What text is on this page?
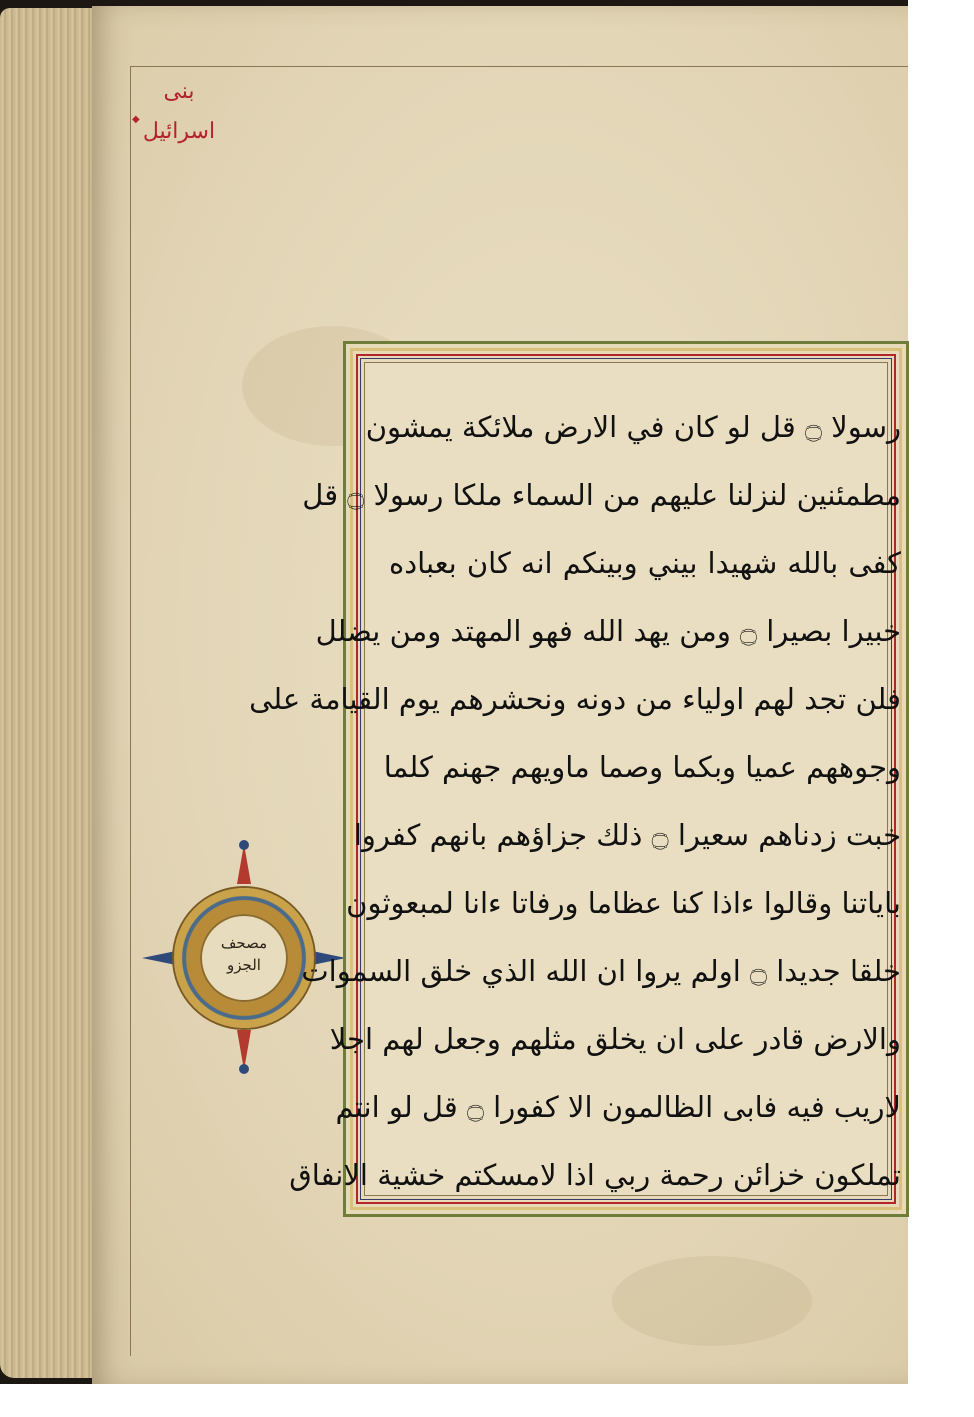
بنی اسرائیل
◆
مصحف الجزو
رسولا ۝ قل لو كان في الارض ملائكة يمشون
مطمئنين لنزلنا عليهم من السماء ملكا رسولا ۝ قل
كفى بالله شهيدا بيني وبينكم انه كان بعباده
خبيرا بصيرا ۝ ومن يهد الله فهو المهتد ومن يضلل
فلن تجد لهم اولياء من دونه ونحشرهم يوم القيامة على
وجوههم عميا وبكما وصما ماويهم جهنم كلما
خبت زدناهم سعيرا ۝ ذلك جزاؤهم بانهم كفروا
باياتنا وقالوا ءاذا كنا عظاما ورفاتا ءانا لمبعوثون
خلقا جديدا ۝ اولم يروا ان الله الذي خلق السموات
والارض قادر على ان يخلق مثلهم وجعل لهم اجلا
لاريب فيه فابى الظالمون الا كفورا ۝ قل لو انتم
تملكون خزائن رحمة ربي اذا لامسكتم خشية الانفاق
